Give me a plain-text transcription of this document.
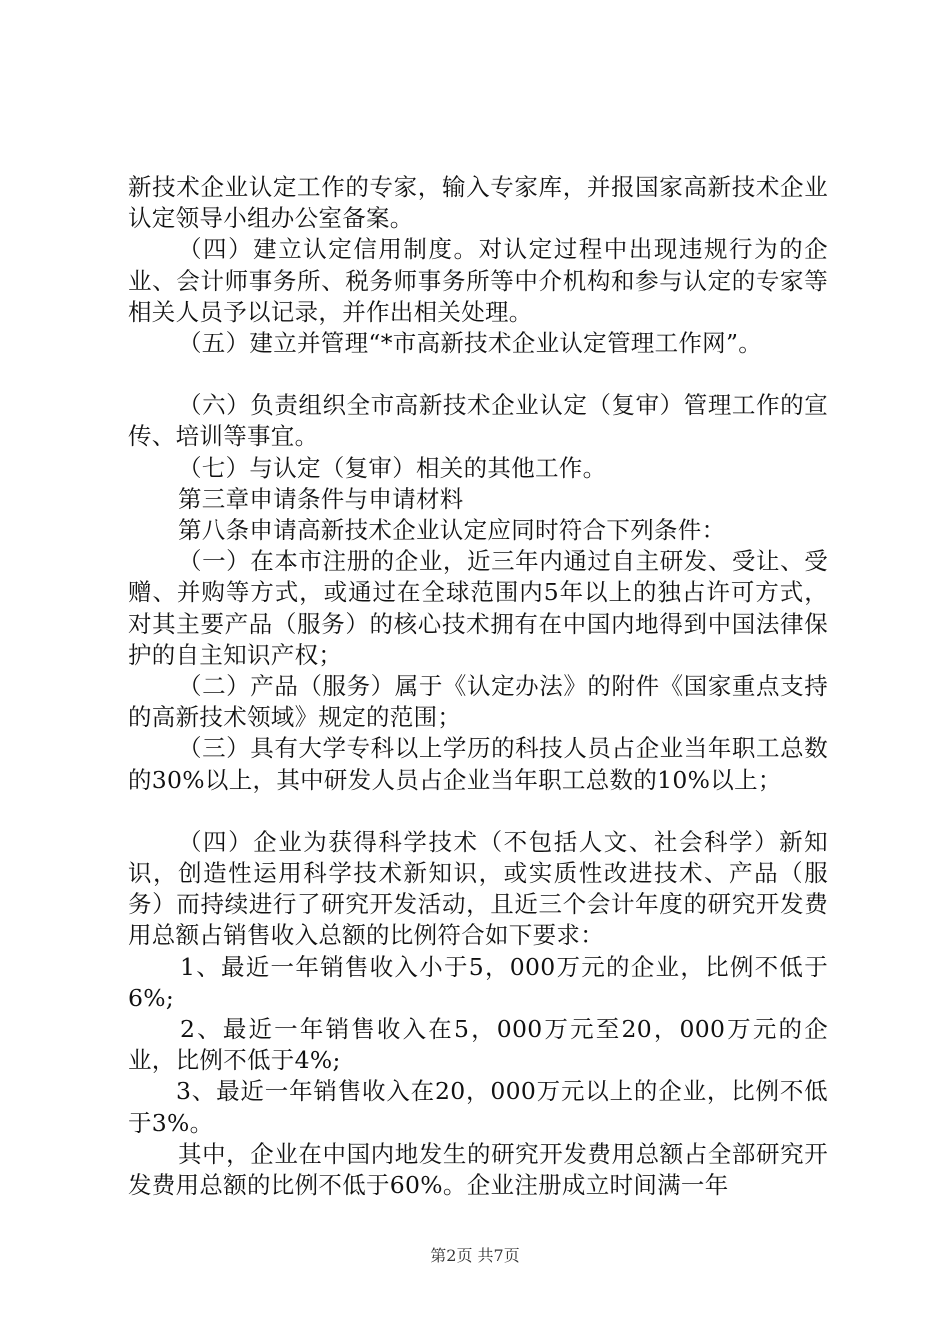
新技术企业认定工作的专家，输入专家库，并报国家高新技术企业认定领导小组办公室备案。

（四）建立认定信用制度。对认定过程中出现违规行为的企业、会计师事务所、税务师事务所等中介机构和参与认定的专家等相关人员予以记录，并作出相关处理。

（五）建立并管理“*市高新技术企业认定管理工作网”。

（六）负责组织全市高新技术企业认定（复审）管理工作的宣传、培训等事宜。

（七）与认定（复审）相关的其他工作。

第三章申请条件与申请材料

第八条申请高新技术企业认定应同时符合下列条件：

（一）在本市注册的企业，近三年内通过自主研发、受让、受赠、并购等方式，或通过在全球范围内5年以上的独占许可方式，对其主要产品（服务）的核心技术拥有在中国内地得到中国法律保护的自主知识产权；

（二）产品（服务）属于《认定办法》的附件《国家重点支持的高新技术领域》规定的范围；

（三）具有大学专科以上学历的科技人员占企业当年职工总数的30%以上，其中研发人员占企业当年职工总数的10%以上；

（四）企业为获得科学技术（不包括人文、社会科学）新知识，创造性运用科学技术新知识，或实质性改进技术、产品（服务）而持续进行了研究开发活动，且近三个会计年度的研究开发费用总额占销售收入总额的比例符合如下要求：

1、最近一年销售收入小于5，000万元的企业，比例不低于6%;

2、最近一年销售收入在5，000万元至20，000万元的企业，比例不低于4%;

3、最近一年销售收入在20，000万元以上的企业，比例不低于3%。

其中，企业在中国内地发生的研究开发费用总额占全部研究开发费用总额的比例不低于60%。企业注册成立时间满一年

第2页 共7页
